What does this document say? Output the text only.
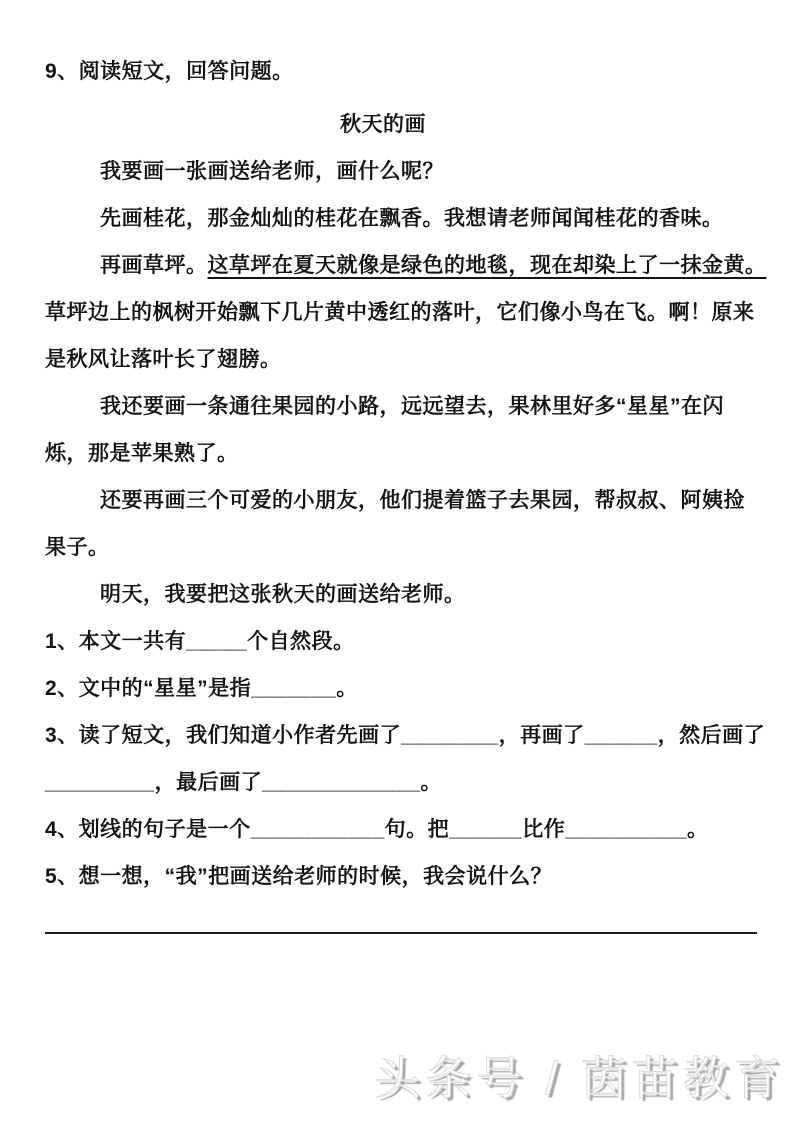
9、阅读短文，回答问题。
秋天的画
我要画一张画送给老师，画什么呢？
先画桂花，那金灿灿的桂花在飘香。我想请老师闻闻桂花的香味。
再画草坪。这草坪在夏天就像是绿色的地毯，现在却染上了一抹金黄。
草坪边上的枫树开始飘下几片黄中透红的落叶，它们像小鸟在飞。啊！原来
是秋风让落叶长了翅膀。
我还要画一条通往果园的小路，远远望去，果林里好多“星星”在闪
烁，那是苹果熟了。
还要再画三个可爱的小朋友，他们提着篮子去果园，帮叔叔、阿姨捡
果子。
明天，我要把这张秋天的画送给老师。
1、本文一共有_____个自然段。
2、文中的“星星”是指_______。
3、读了短文，我们知道小作者先画了________，再画了______，然后画了
_________，最后画了_____________。
4、划线的句子是一个___________句。把______比作__________。
5、想一想，“我”把画送给老师的时候，我会说什么？
头条号 / 茵苗教育
